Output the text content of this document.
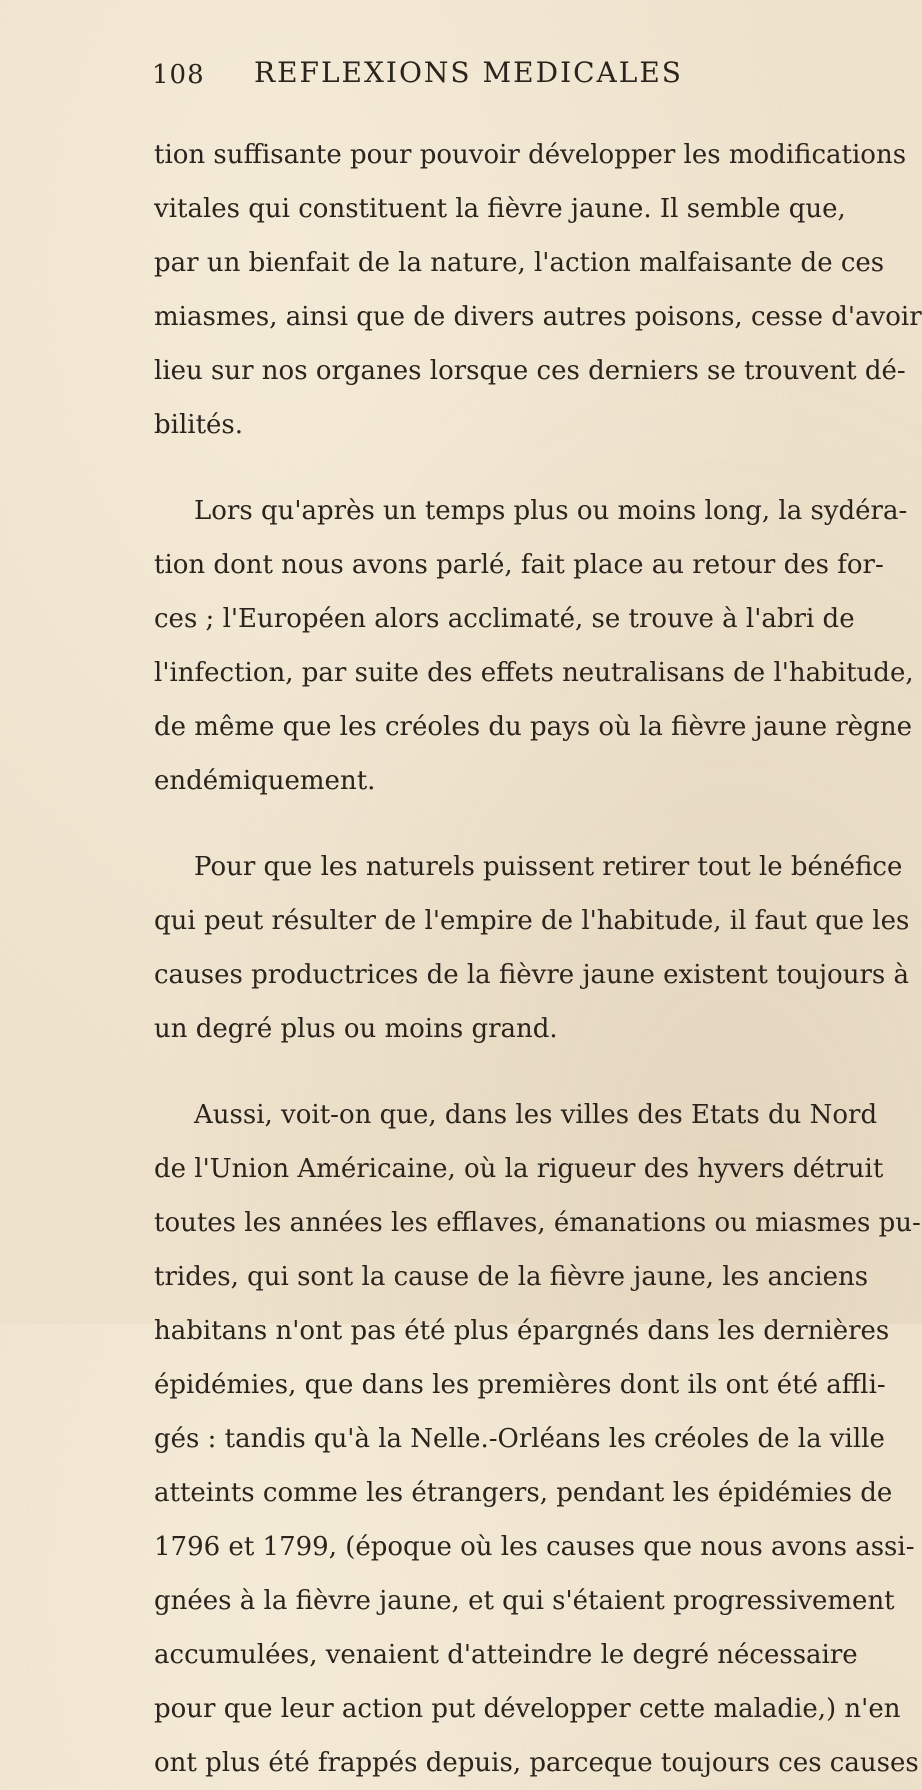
108 REFLEXIONS MEDICALES
tion suffisante pour pouvoir développer les modifications
vitales qui constituent la fièvre jaune. Il semble que,
par un bienfait de la nature, l'action malfaisante de ces
miasmes, ainsi que de divers autres poisons, cesse d'avoir
lieu sur nos organes lorsque ces derniers se trouvent dé-
bilités.
Lors qu'après un temps plus ou moins long, la sydéra-
tion dont nous avons parlé, fait place au retour des for-
ces ; l'Européen alors acclimaté, se trouve à l'abri de
l'infection, par suite des effets neutralisans de l'habitude,
de même que les créoles du pays où la fièvre jaune règne
endémiquement.
Pour que les naturels puissent retirer tout le bénéfice
qui peut résulter de l'empire de l'habitude, il faut que les
causes productrices de la fièvre jaune existent toujours à
un degré plus ou moins grand.
Aussi, voit-on que, dans les villes des Etats du Nord
de l'Union Américaine, où la rigueur des hyvers détruit
toutes les années les efflaves, émanations ou miasmes pu-
trides, qui sont la cause de la fièvre jaune, les anciens
habitans n'ont pas été plus épargnés dans les dernières
épidémies, que dans les premières dont ils ont été affli-
gés : tandis qu'à la Nelle.-Orléans les créoles de la ville
atteints comme les étrangers, pendant les épidémies de
1796 et 1799, (époque où les causes que nous avons assi-
gnées à la fièvre jaune, et qui s'étaient progressivement
accumulées, venaient d'atteindre le degré nécessaire
pour que leur action put développer cette maladie,) n'en
ont plus été frappés depuis, parceque toujours ces causes
